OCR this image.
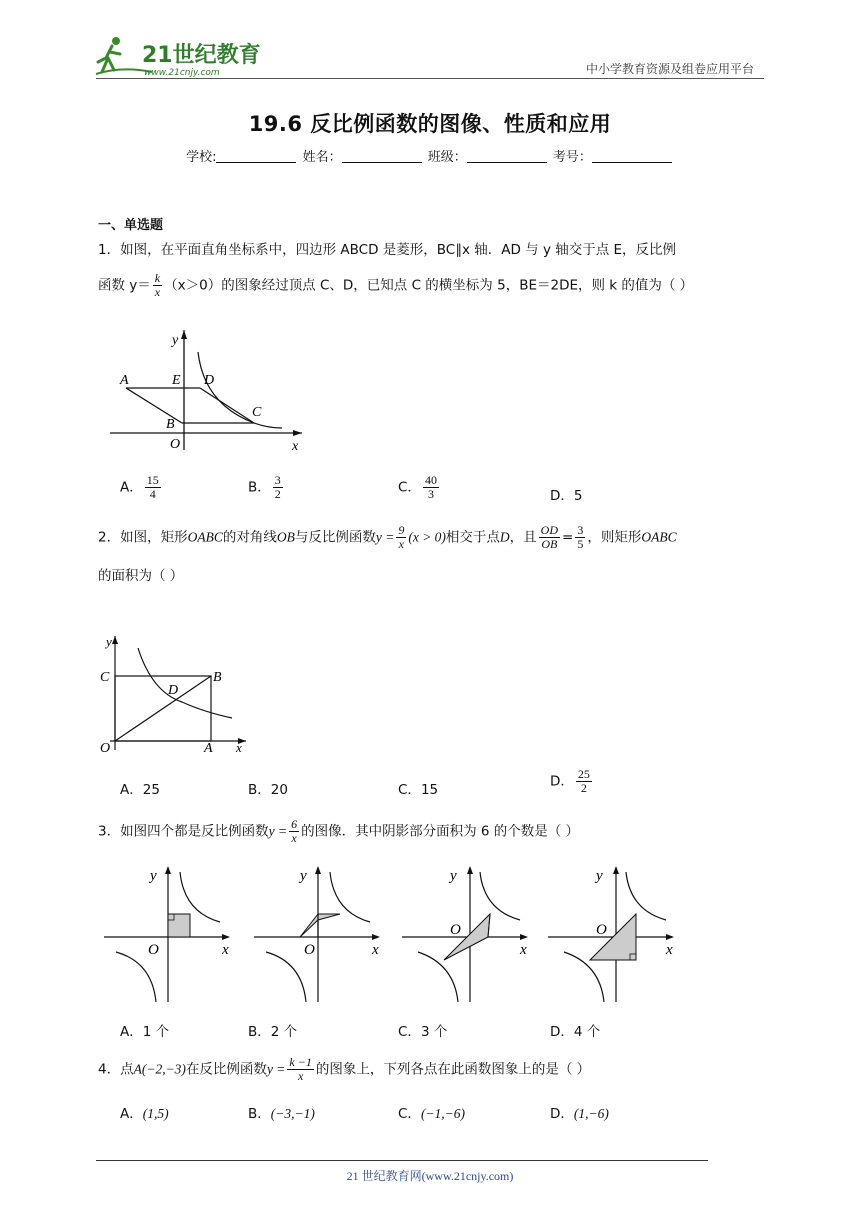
21世纪教育
www.21cnjy.com	中小学教育资源及组卷应用平台
19.6 反比例函数的图像、性质和应用
学校:	姓名：	班级：	考号：
一、单选题
1．如图，在平面直角坐标系中，四边形 ABCD 是菱形，BC∥x 轴．AD 与 y 轴交于点 E，反比例
函数 $y= \frac{k}{x} (x>0)$的图象经过顶点 C、D，已知点 C 的横坐标为 5，BE＝2DE，则 k 的值为（ ）
A	E D
B
C
O	x
y
A． $\frac{15}{4}$	B． $\frac{3}{2}$	C． $\frac{40}{3}$	D．5
2．如图，矩形OABC的对角线OB与反比例函数$y = \frac{9}{x} (x > 0)$相交于点D，且 $\frac{OD}{OB} = \frac{3}{5}$ ，则矩形OABC
的面积为（ ）
y
C	B
D
O	A x
A．25	B．20	C．15
D． $\frac{25}{2}$
3．如图四个都是反比例函数$y = \frac{6}{x}$ 的图像．其中阴影部分面积为 6 的个数是（ ）
y
O	x
y
O	x
y
O
x
y
O
x
A．1 个	B．2 个	C．3 个	D．4 个
4．点A(−2,−3)在反比例函数$y = \frac{k -1}{x}$ 的图象上，下列各点在此函数图象上的是（ ）
A．(1,5)	B．(−3,−1)	C．(−1,−6)	D．(1,−6)
21 世纪教育网(www.21cnjy.com)
